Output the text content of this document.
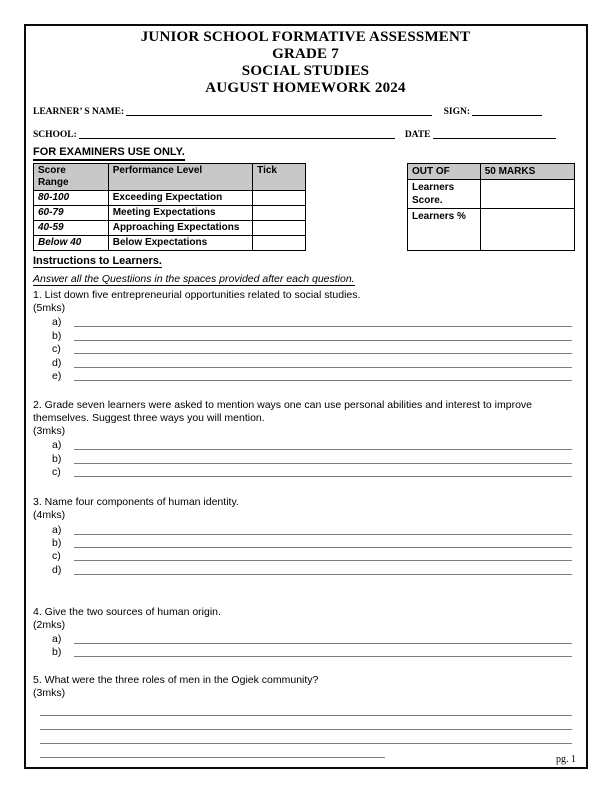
JUNIOR SCHOOL FORMATIVE ASSESSMENT
GRADE 7
SOCIAL STUDIES
AUGUST HOMEWORK 2024
LEARNER’ S NAME:	SIGN:
SCHOOL:	DATE
FOR EXAMINERS USE ONLY.
Score Range	Performance Level	Tick
80-100	Exceeding Expectation	
60-79	Meeting Expectations	
40-59	Approaching Expectations	
Below 40	Below Expectations	
OUT OF	50 MARKS
Learners Score.	
Learners %	
Instructions to Learners.
Answer all the Questiions in the spaces provided after each question.
1. List down five entrepreneurial opportunities related to social studies.
(5mks)
a)
b)
c)
d)
e)
2. Grade seven learners were asked to mention ways one can use personal abilities and interest to improve themselves. Suggest three ways you will mention.
(3mks)
a)
b)
c)
3. Name four components of human identity.
(4mks)
a)
b)
c)
d)
4. Give the two sources of human origin.
(2mks)
a)
b)
5. What were the three roles of men in the Ogiek community?
(3mks)
pg. 1
